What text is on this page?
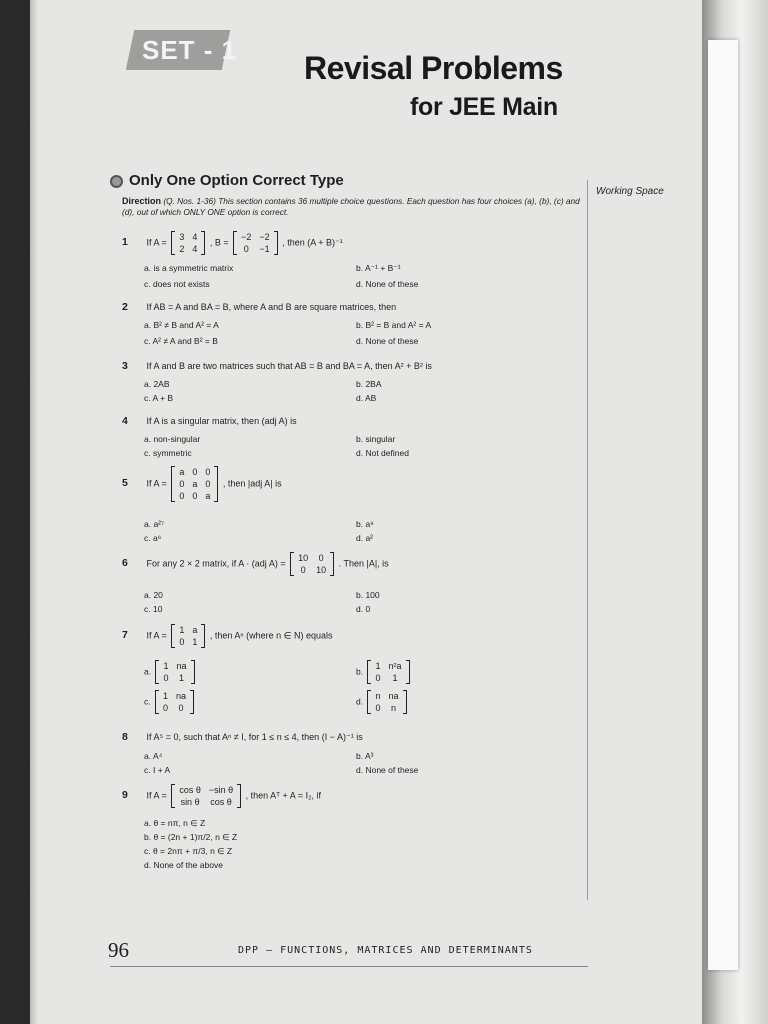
SET - 1 Revisal Problems
for JEE Main
Only One Option Correct Type
Working Space
Direction (Q. Nos. 1-36) This section contains 36 multiple choice questions. Each question has four choices (a), (b), (c) and (d), out of which ONLY ONE option is correct.
1 If A =
3	4
2	4
, B =
−2	−2
0	−1
, then (A + B)⁻¹
a. is a symmetric matrix	b. A⁻¹ + B⁻¹
c. does not exists	d. None of these
2 If AB = A and BA = B, where A and B are square matrices, then
a. B² ≠ B and A² = A	b. B² = B and A² = A
c. A² ≠ A and B² = B	d. None of these
3 If A and B are two matrices such that AB = B and BA = A, then A² + B² is
a. 2AB	b. 2BA
c. A + B	d. AB
4 If A is a singular matrix, then (adj A) is
a. non-singular	b. singular
c. symmetric	d. Not defined
5 If A =
a	0	0
0	a	0
0	0	a
, then |adj A| is
a. a²⁷	b. a⁹
c. a⁶	d. a²
6 For any 2 × 2 matrix, if A · (adj A) =
10	0
0	10
. Then |A|, is
a. 20	b. 100
c. 10	d. 0
7 If A =
1	a
0	1
, then Aⁿ (where n ∈ N) equals
a.
1	na
0	1
b.
1	n²a
0	1
c.
1	na
0	0
d.
n	na
0	n
8 If A⁵ = 0, such that Aⁿ ≠ I, for 1 ≤ n ≤ 4, then (I − A)⁻¹ is
a. A⁴	b. A³
c. I + A	d. None of these
9 If A =
cos θ	−sin θ
sin θ	cos θ
, then Aᵀ + A = I₂, if
a. θ = nπ, n ∈ Z
b. θ = (2n + 1)π/2, n ∈ Z
c. θ = 2nπ + π/3, n ∈ Z
d. None of the above
96	DPP – FUNCTIONS, MATRICES AND DETERMINANTS
